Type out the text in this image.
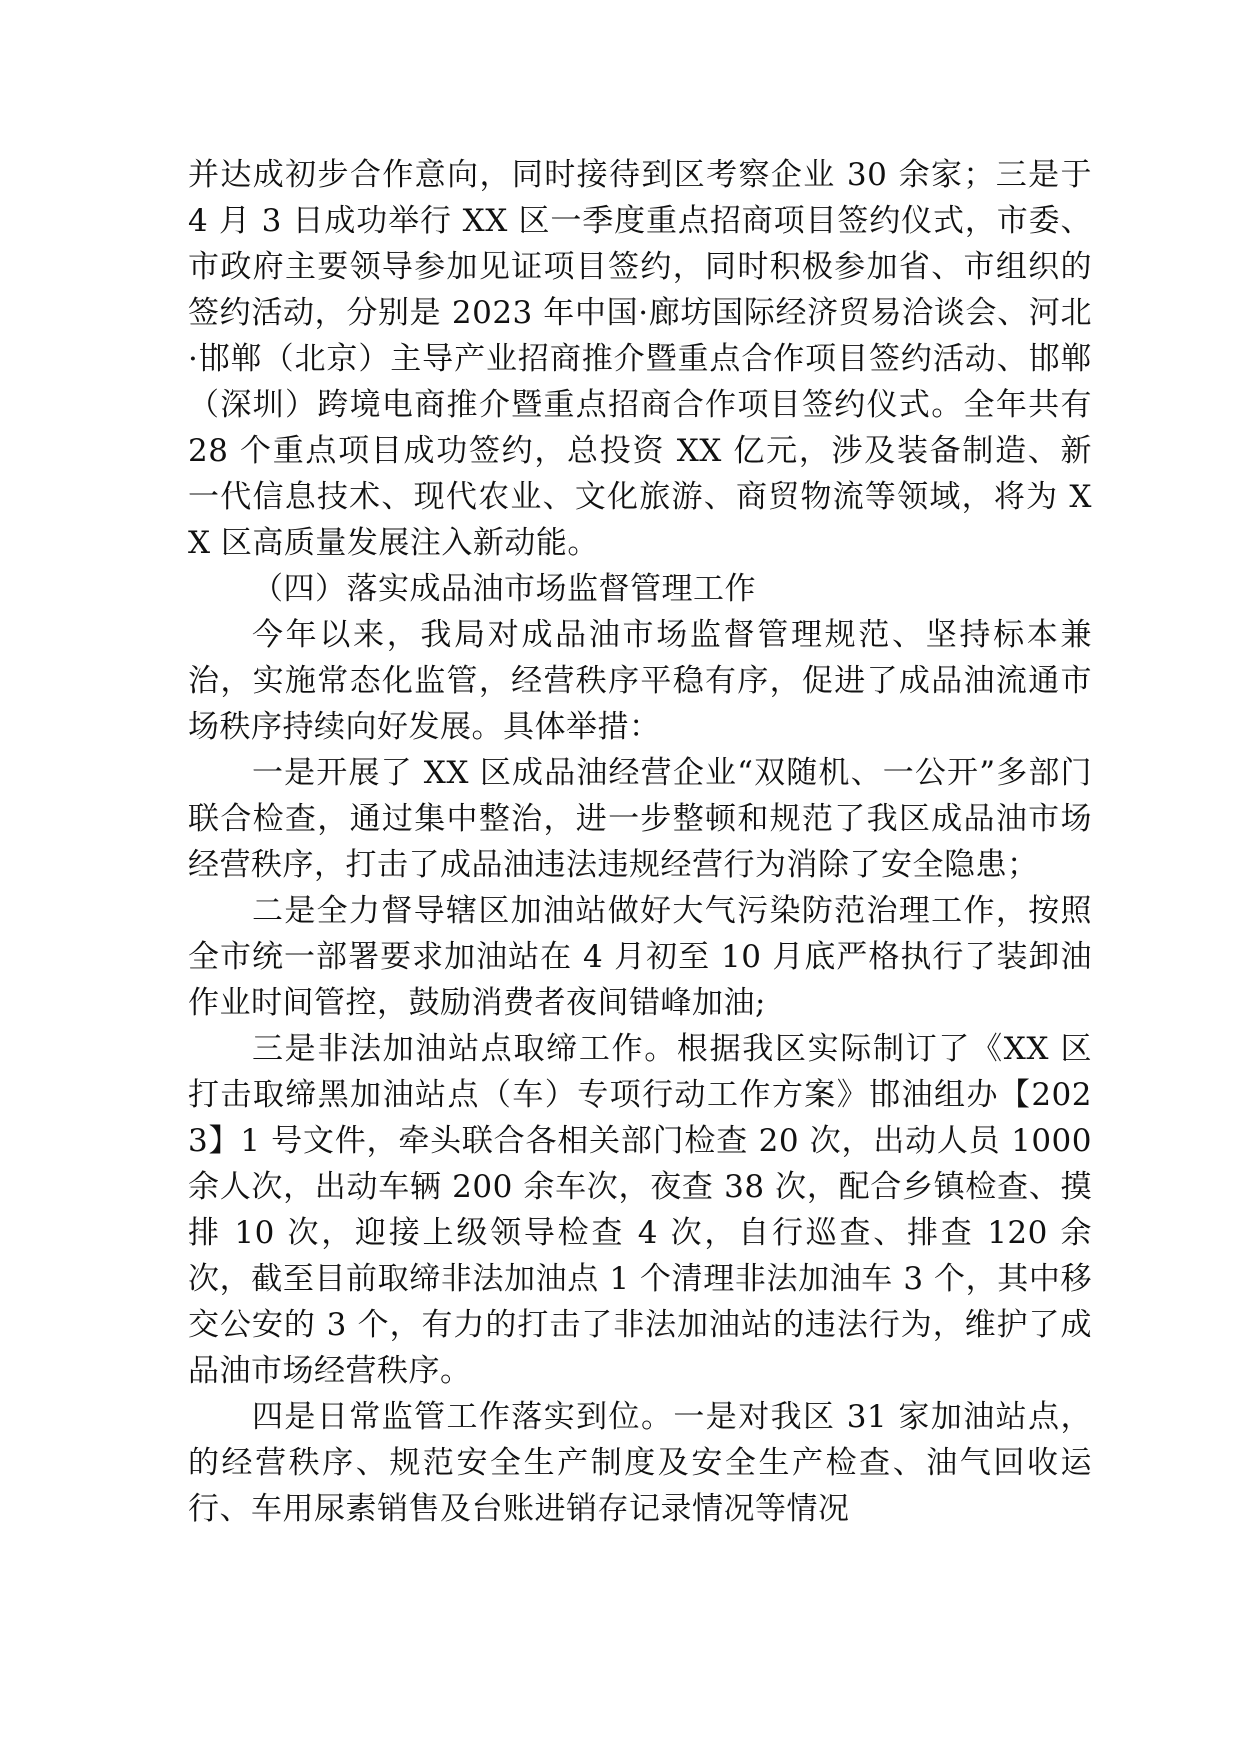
并达成初步合作意向，同时接待到区考察企业 30 余家；三是于 4 月 3 日成功举行 XX 区一季度重点招商项目签约仪式，市委、市政府主要领导参加见证项目签约，同时积极参加省、市组织的签约活动，分别是 2023 年中国·廊坊国际经济贸易洽谈会、河北·邯郸（北京）主导产业招商推介暨重点合作项目签约活动、邯郸（深圳）跨境电商推介暨重点招商合作项目签约仪式。全年共有 28 个重点项目成功签约，总投资 XX 亿元，涉及装备制造、新一代信息技术、现代农业、文化旅游、商贸物流等领域，将为 XX 区高质量发展注入新动能。

（四）落实成品油市场监督管理工作

今年以来，我局对成品油市场监督管理规范、坚持标本兼治，实施常态化监管，经营秩序平稳有序，促进了成品油流通市场秩序持续向好发展。具体举措：

一是开展了 XX 区成品油经营企业“双随机、一公开”多部门联合检查，通过集中整治，进一步整顿和规范了我区成品油市场经营秩序，打击了成品油违法违规经营行为消除了安全隐患；

二是全力督导辖区加油站做好大气污染防范治理工作，按照全市统一部署要求加油站在 4 月初至 10 月底严格执行了装卸油作业时间管控，鼓励消费者夜间错峰加油;

三是非法加油站点取缔工作。根据我区实际制订了《XX 区打击取缔黑加油站点（车）专项行动工作方案》邯油组办【2023】1 号文件，牵头联合各相关部门检查 20 次，出动人员 1000 余人次，出动车辆 200 余车次，夜查 38 次，配合乡镇检查、摸排 10 次，迎接上级领导检查 4 次，自行巡查、排查 120 余次，截至目前取缔非法加油点 1 个清理非法加油车 3 个，其中移交公安的 3 个，有力的打击了非法加油站的违法行为，维护了成品油市场经营秩序。

四是日常监管工作落实到位。一是对我区 31 家加油站点，的经营秩序、规范安全生产制度及安全生产检查、油气回收运行、车用尿素销售及台账进销存记录情况等情况
